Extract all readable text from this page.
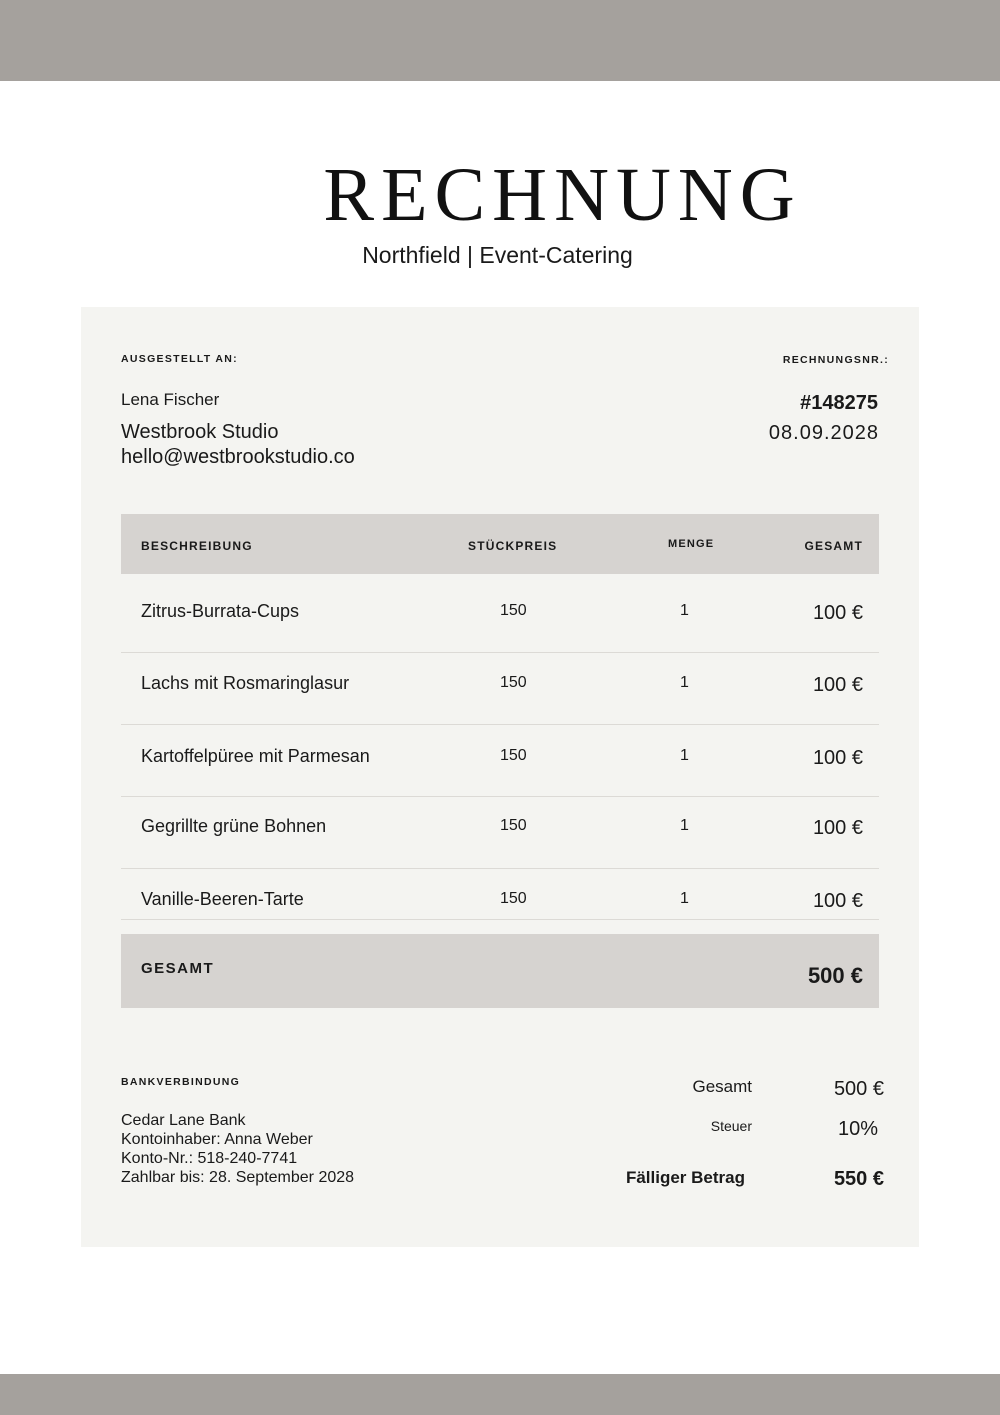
RECHNUNG
Northfield | Event-Catering
AUSGESTELLT AN:
Lena Fischer
Westbrook Studio
hello@westbrookstudio.co
RECHNUNGSNR.:
#148275
08.09.2028
BESCHREIBUNG	STÜCKPREIS	MENGE	GESAMT
Zitrus-Burrata-Cups	150	1	100 €
Lachs mit Rosmaringlasur	150	1	100 €
Kartoffelpüree mit Parmesan	150	1	100 €
Gegrillte grüne Bohnen	150	1	100 €
Vanille-Beeren-Tarte	150	1	100 €
GESAMT	500 €
BANKVERBINDUNG
Cedar Lane Bank
Kontoinhaber: Anna Weber
Konto-Nr.: 518-240-7741
Zahlbar bis: 28. September 2028
Gesamt	500 €
Steuer	10%
Fälliger Betrag	550 €
